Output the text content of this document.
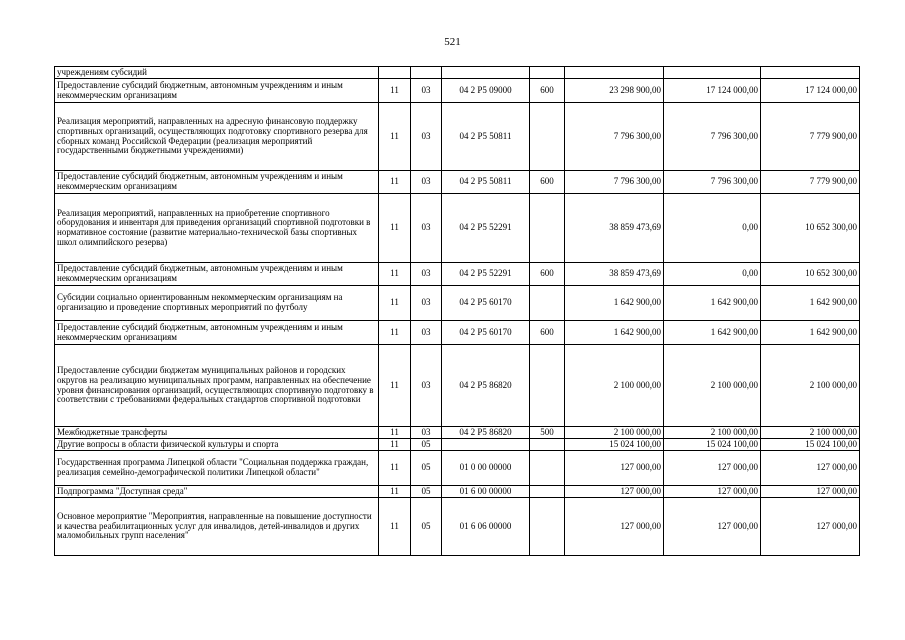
521
учреждениям субсидий							
Предоставление субсидий бюджетным, автономным учреждениям и иным некоммерческим организациям	11	03	04 2 P5 09000	600	23 298 900,00	17 124 000,00	17 124 000,00
Реализация мероприятий, направленных на адресную финансовую поддержку спортивных организаций, осуществляющих подготовку спортивного резерва для сборных команд Российской Федерации (реализация мероприятий государственными бюджетными учреждениями)	11	03	04 2 P5 50811		7 796 300,00	7 796 300,00	7 779 900,00
Предоставление субсидий бюджетным, автономным учреждениям и иным некоммерческим организациям	11	03	04 2 P5 50811	600	7 796 300,00	7 796 300,00	7 779 900,00
Реализация мероприятий, направленных на приобретение спортивного оборудования и инвентаря для приведения организаций спортивной подготовки в нормативное состояние (развитие материально-технической базы спортивных школ олимпийского резерва)	11	03	04 2 P5 52291		38 859 473,69	0,00	10 652 300,00
Предоставление субсидий бюджетным, автономным учреждениям и иным некоммерческим организациям	11	03	04 2 P5 52291	600	38 859 473,69	0,00	10 652 300,00
Субсидии социально ориентированным некоммерческим организациям на организацию и проведение спортивных мероприятий по футболу	11	03	04 2 P5 60170		1 642 900,00	1 642 900,00	1 642 900,00
Предоставление субсидий бюджетным, автономным учреждениям и иным некоммерческим организациям	11	03	04 2 P5 60170	600	1 642 900,00	1 642 900,00	1 642 900,00
Предоставление субсидии бюджетам муниципальных районов и городских округов на реализацию муниципальных программ, направленных на обеспечение уровня финансирования организаций, осуществляющих спортивную подготовку в соответствии с требованиями федеральных стандартов спортивной подготовки	11	03	04 2 P5 86820		2 100 000,00	2 100 000,00	2 100 000,00
Межбюджетные трансферты	11	03	04 2 P5 86820	500	2 100 000,00	2 100 000,00	2 100 000,00
Другие вопросы в области физической культуры и спорта	11	05			15 024 100,00	15 024 100,00	15 024 100,00
Государственная программа Липецкой области "Социальная поддержка граждан, реализация семейно-демографической политики Липецкой области"	11	05	01 0 00 00000		127 000,00	127 000,00	127 000,00
Подпрограмма "Доступная среда"	11	05	01 6 00 00000		127 000,00	127 000,00	127 000,00
Основное мероприятие "Мероприятия, направленные на повышение доступности и качества реабилитационных услуг для инвалидов, детей-инвалидов и других маломобильных групп населения"	11	05	01 6 06 00000		127 000,00	127 000,00	127 000,00
